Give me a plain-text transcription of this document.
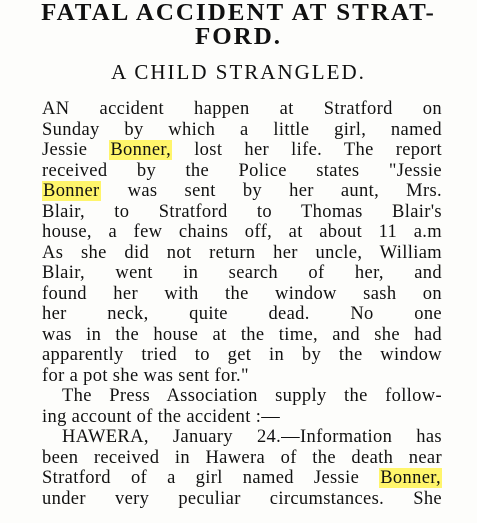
FATAL ACCIDENT AT STRAT-
FORD.
A CHILD STRANGLED.
AN accident happen at Stratford on
Sunday by which a little girl, named
Jessie Bonner, lost her life. The report
received by the Police states "Jessie
Bonner was sent by her aunt, Mrs.
Blair, to Stratford to Thomas Blair's
house, a few chains off, at about 11 a.m
As she did not return her uncle, William
Blair, went in search of her, and
found her with the window sash on
her neck, quite dead. No one
was in the house at the time, and she had
apparently tried to get in by the window
for a pot she was sent for."
The Press Association supply the follow-
ing account of the accident :—
HAWERA, January 24.—Information has
been received in Hawera of the death near
Stratford of a girl named Jessie Bonner,
under very peculiar circumstances. She
